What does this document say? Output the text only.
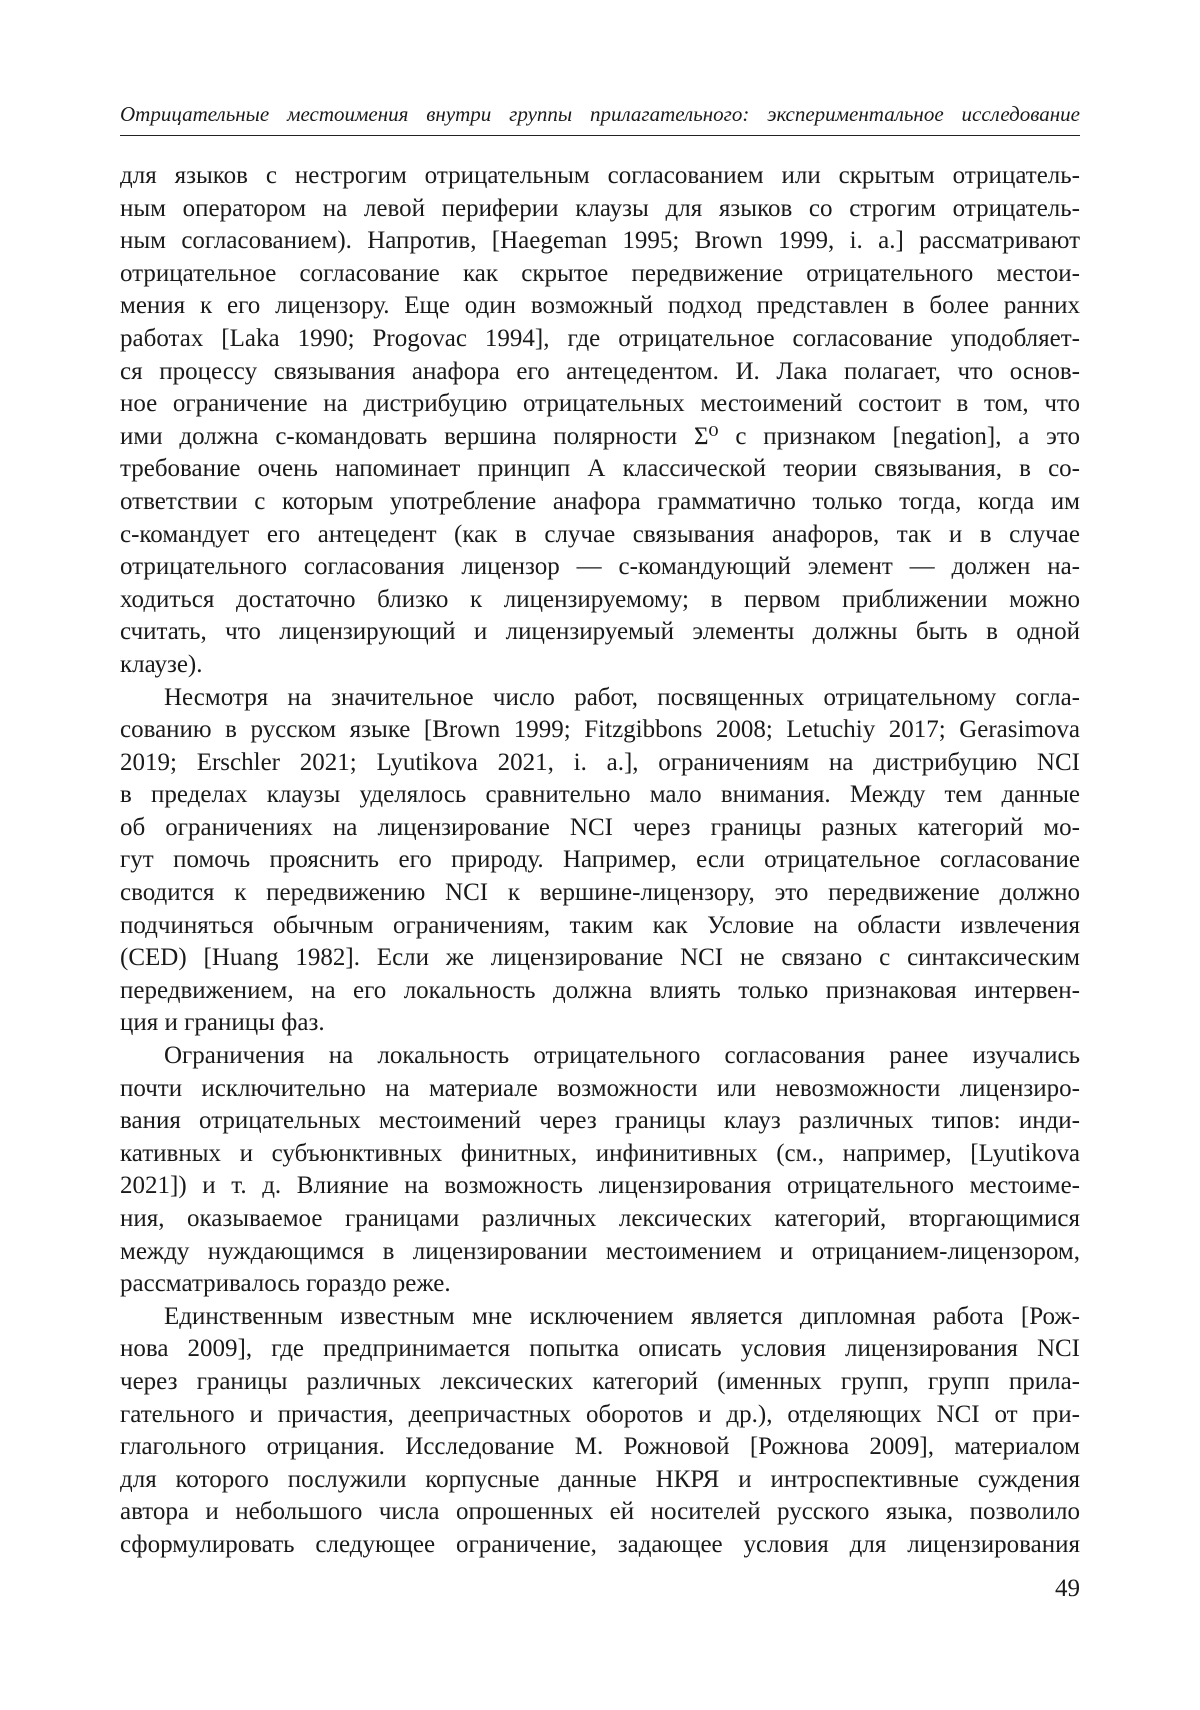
Отрицательные местоимения внутри группы прилагательного: экспериментальное исследование
для языков с нестрогим отрицательным согласованием или скрытым отрицатель-
ным оператором на левой периферии клаузы для языков со строгим отрицатель-
ным согласованием). Напротив, [Haegeman 1995; Brown 1999, i. a.] рассматривают
отрицательное согласование как скрытое передвижение отрицательного местои-
мения к его лицензору. Еще один возможный подход представлен в более ранних
работах [Laka 1990; Progovac 1994], где отрицательное согласование уподобляет-
ся процессу связывания анафора его антецедентом. И. Лака полагает, что основ-
ное ограничение на дистрибуцию отрицательных местоимений состоит в том, что
ими должна с-командовать вершина полярности Σ⁰ с признаком [negation], а это
требование очень напоминает принцип А классической теории связывания, в со-
ответствии с которым употребление анафора грамматично только тогда, когда им
с-командует его антецедент (как в случае связывания анафоров, так и в случае
отрицательного согласования лицензор — с-командующий элемент — должен на-
ходиться достаточно близко к лицензируемому; в первом приближении можно
считать, что лицензирующий и лицензируемый элементы должны быть в одной
клаузе).
Несмотря на значительное число работ, посвященных отрицательному согла-
сованию в русском языке [Brown 1999; Fitzgibbons 2008; Letuchiy 2017; Gerasimova
2019; Erschler 2021; Lyutikova 2021, i. a.], ограничениям на дистрибуцию NCI
в пределах клаузы уделялось сравнительно мало внимания. Между тем данные
об ограничениях на лицензирование NCI через границы разных категорий мо-
гут помочь прояснить его природу. Например, если отрицательное согласование
сводится к передвижению NCI к вершине-лицензору, это передвижение должно
подчиняться обычным ограничениям, таким как Условие на области извлечения
(CED) [Huang 1982]. Если же лицензирование NCI не связано с синтаксическим
передвижением, на его локальность должна влиять только признаковая интервен-
ция и границы фаз.
Ограничения на локальность отрицательного согласования ранее изучались
почти исключительно на материале возможности или невозможности лицензиро-
вания отрицательных местоимений через границы клауз различных типов: инди-
кативных и субъюнктивных финитных, инфинитивных (см., например, [Lyutikova
2021]) и т. д. Влияние на возможность лицензирования отрицательного местоиме-
ния, оказываемое границами различных лексических категорий, вторгающимися
между нуждающимся в лицензировании местоимением и отрицанием-лицензором,
рассматривалось гораздо реже.
Единственным известным мне исключением является дипломная работа [Рож-
нова 2009], где предпринимается попытка описать условия лицензирования NCI
через границы различных лексических категорий (именных групп, групп прила-
гательного и причастия, деепричастных оборотов и др.), отделяющих NCI от при-
глагольного отрицания. Исследование М. Рожновой [Рожнова 2009], материалом
для которого послужили корпусные данные НКРЯ и интроспективные суждения
автора и небольшого числа опрошенных ей носителей русского языка, позволило
сформулировать следующее ограничение, задающее условия для лицензирования
49
